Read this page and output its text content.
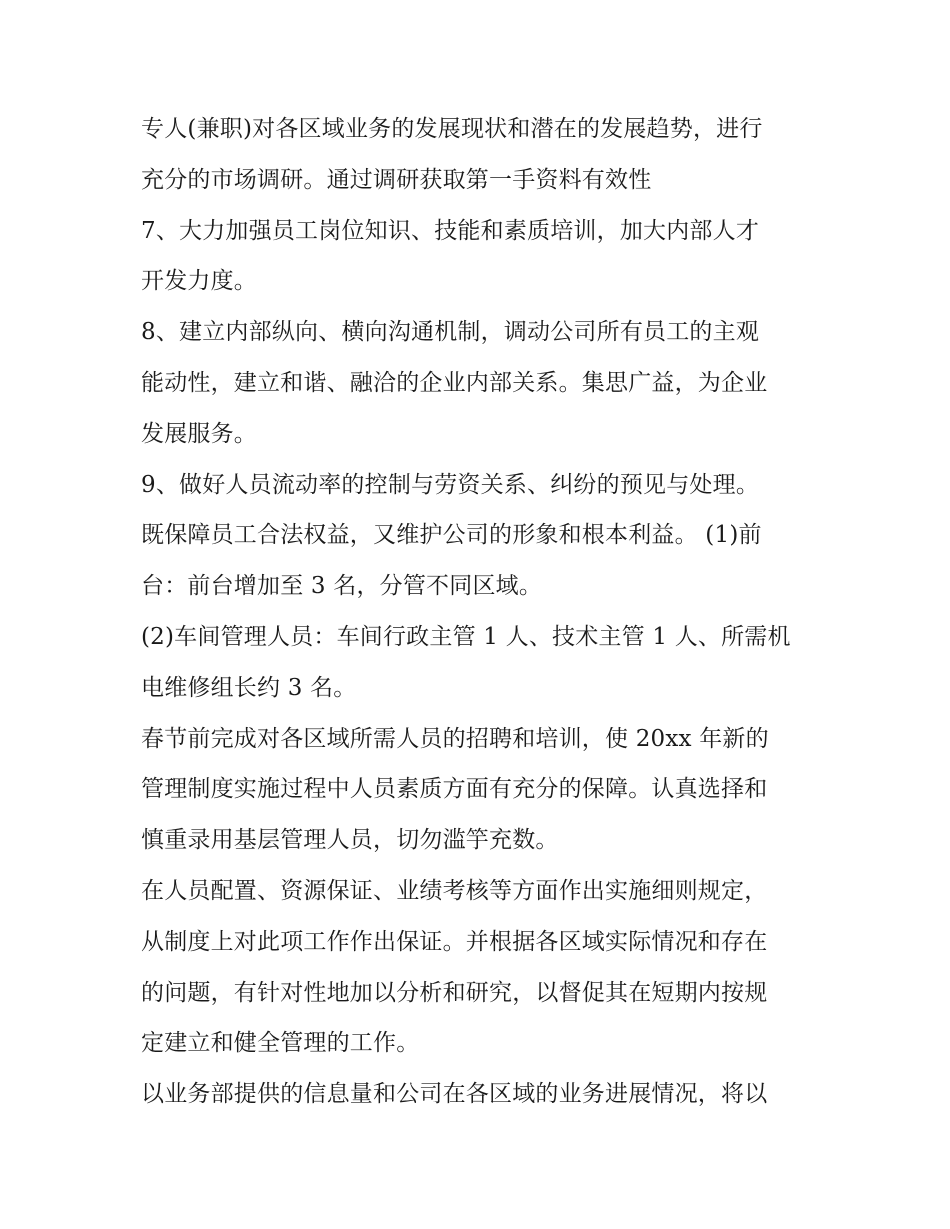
专人(兼职)对各区域业务的发展现状和潜在的发展趋势，进行
充分的市场调研。通过调研获取第一手资料有效性
7、大力加强员工岗位知识、技能和素质培训，加大内部人才
开发力度。
8、建立内部纵向、横向沟通机制，调动公司所有员工的主观
能动性，建立和谐、融洽的企业内部关系。集思广益，为企业
发展服务。
9、做好人员流动率的控制与劳资关系、纠纷的预见与处理。
既保障员工合法权益，又维护公司的形象和根本利益。 (1)前
台：前台增加至 3 名，分管不同区域。
(2)车间管理人员：车间行政主管 1 人、技术主管 1 人、所需机
电维修组长约 3 名。
春节前完成对各区域所需人员的招聘和培训，使 20xx 年新的
管理制度实施过程中人员素质方面有充分的保障。认真选择和
慎重录用基层管理人员，切勿滥竽充数。
在人员配置、资源保证、业绩考核等方面作出实施细则规定，
从制度上对此项工作作出保证。并根据各区域实际情况和存在
的问题，有针对性地加以分析和研究，以督促其在短期内按规
定建立和健全管理的工作。
以业务部提供的信息量和公司在各区域的业务进展情况，将以
